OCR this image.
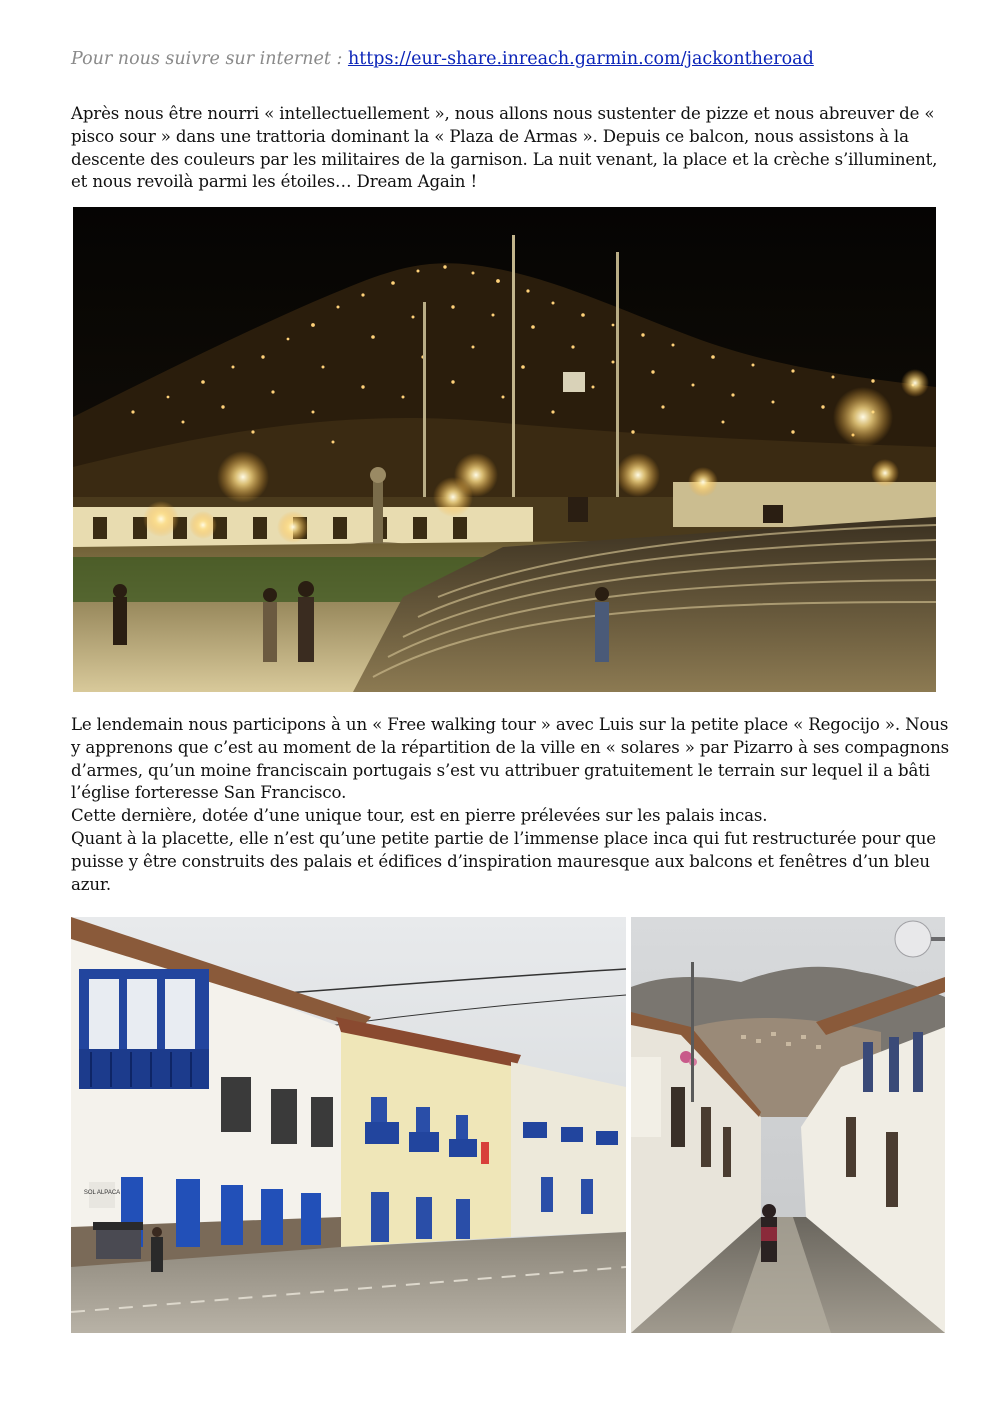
Pour nous suivre sur internet : https://eur-share.inreach.garmin.com/jackontheroad

Après nous être nourri « intellectuellement », nous allons nous sustenter de pizze et nous abreuver de « pisco sour » dans une trattoria dominant la « Plaza de Armas ». Depuis ce balcon, nous assistons à la descente des couleurs par les militaires de la garnison. La nuit venant, la place et la crèche s’illuminent, et nous revoilà parmi les étoiles… Dream Again !

Le lendemain nous participons à un « Free walking tour » avec Luis sur la petite place « Regocijo ». Nous y apprenons que c’est au moment de la répartition de la ville en « solares » par Pizarro à ses compagnons d’armes, qu’un moine franciscain portugais s’est vu attribuer gratuitement le terrain sur lequel il a bâti l’église forteresse San Francisco.

Cette dernière, dotée d’une unique tour, est en pierre prélevées sur les palais incas.

Quant à la placette, elle n’est qu’une petite partie de l’immense place inca qui fut restructurée pour que puisse y être construits des palais et édifices d’inspiration mauresque aux balcons et fenêtres d’un bleu azur.

SOL ALPACA
